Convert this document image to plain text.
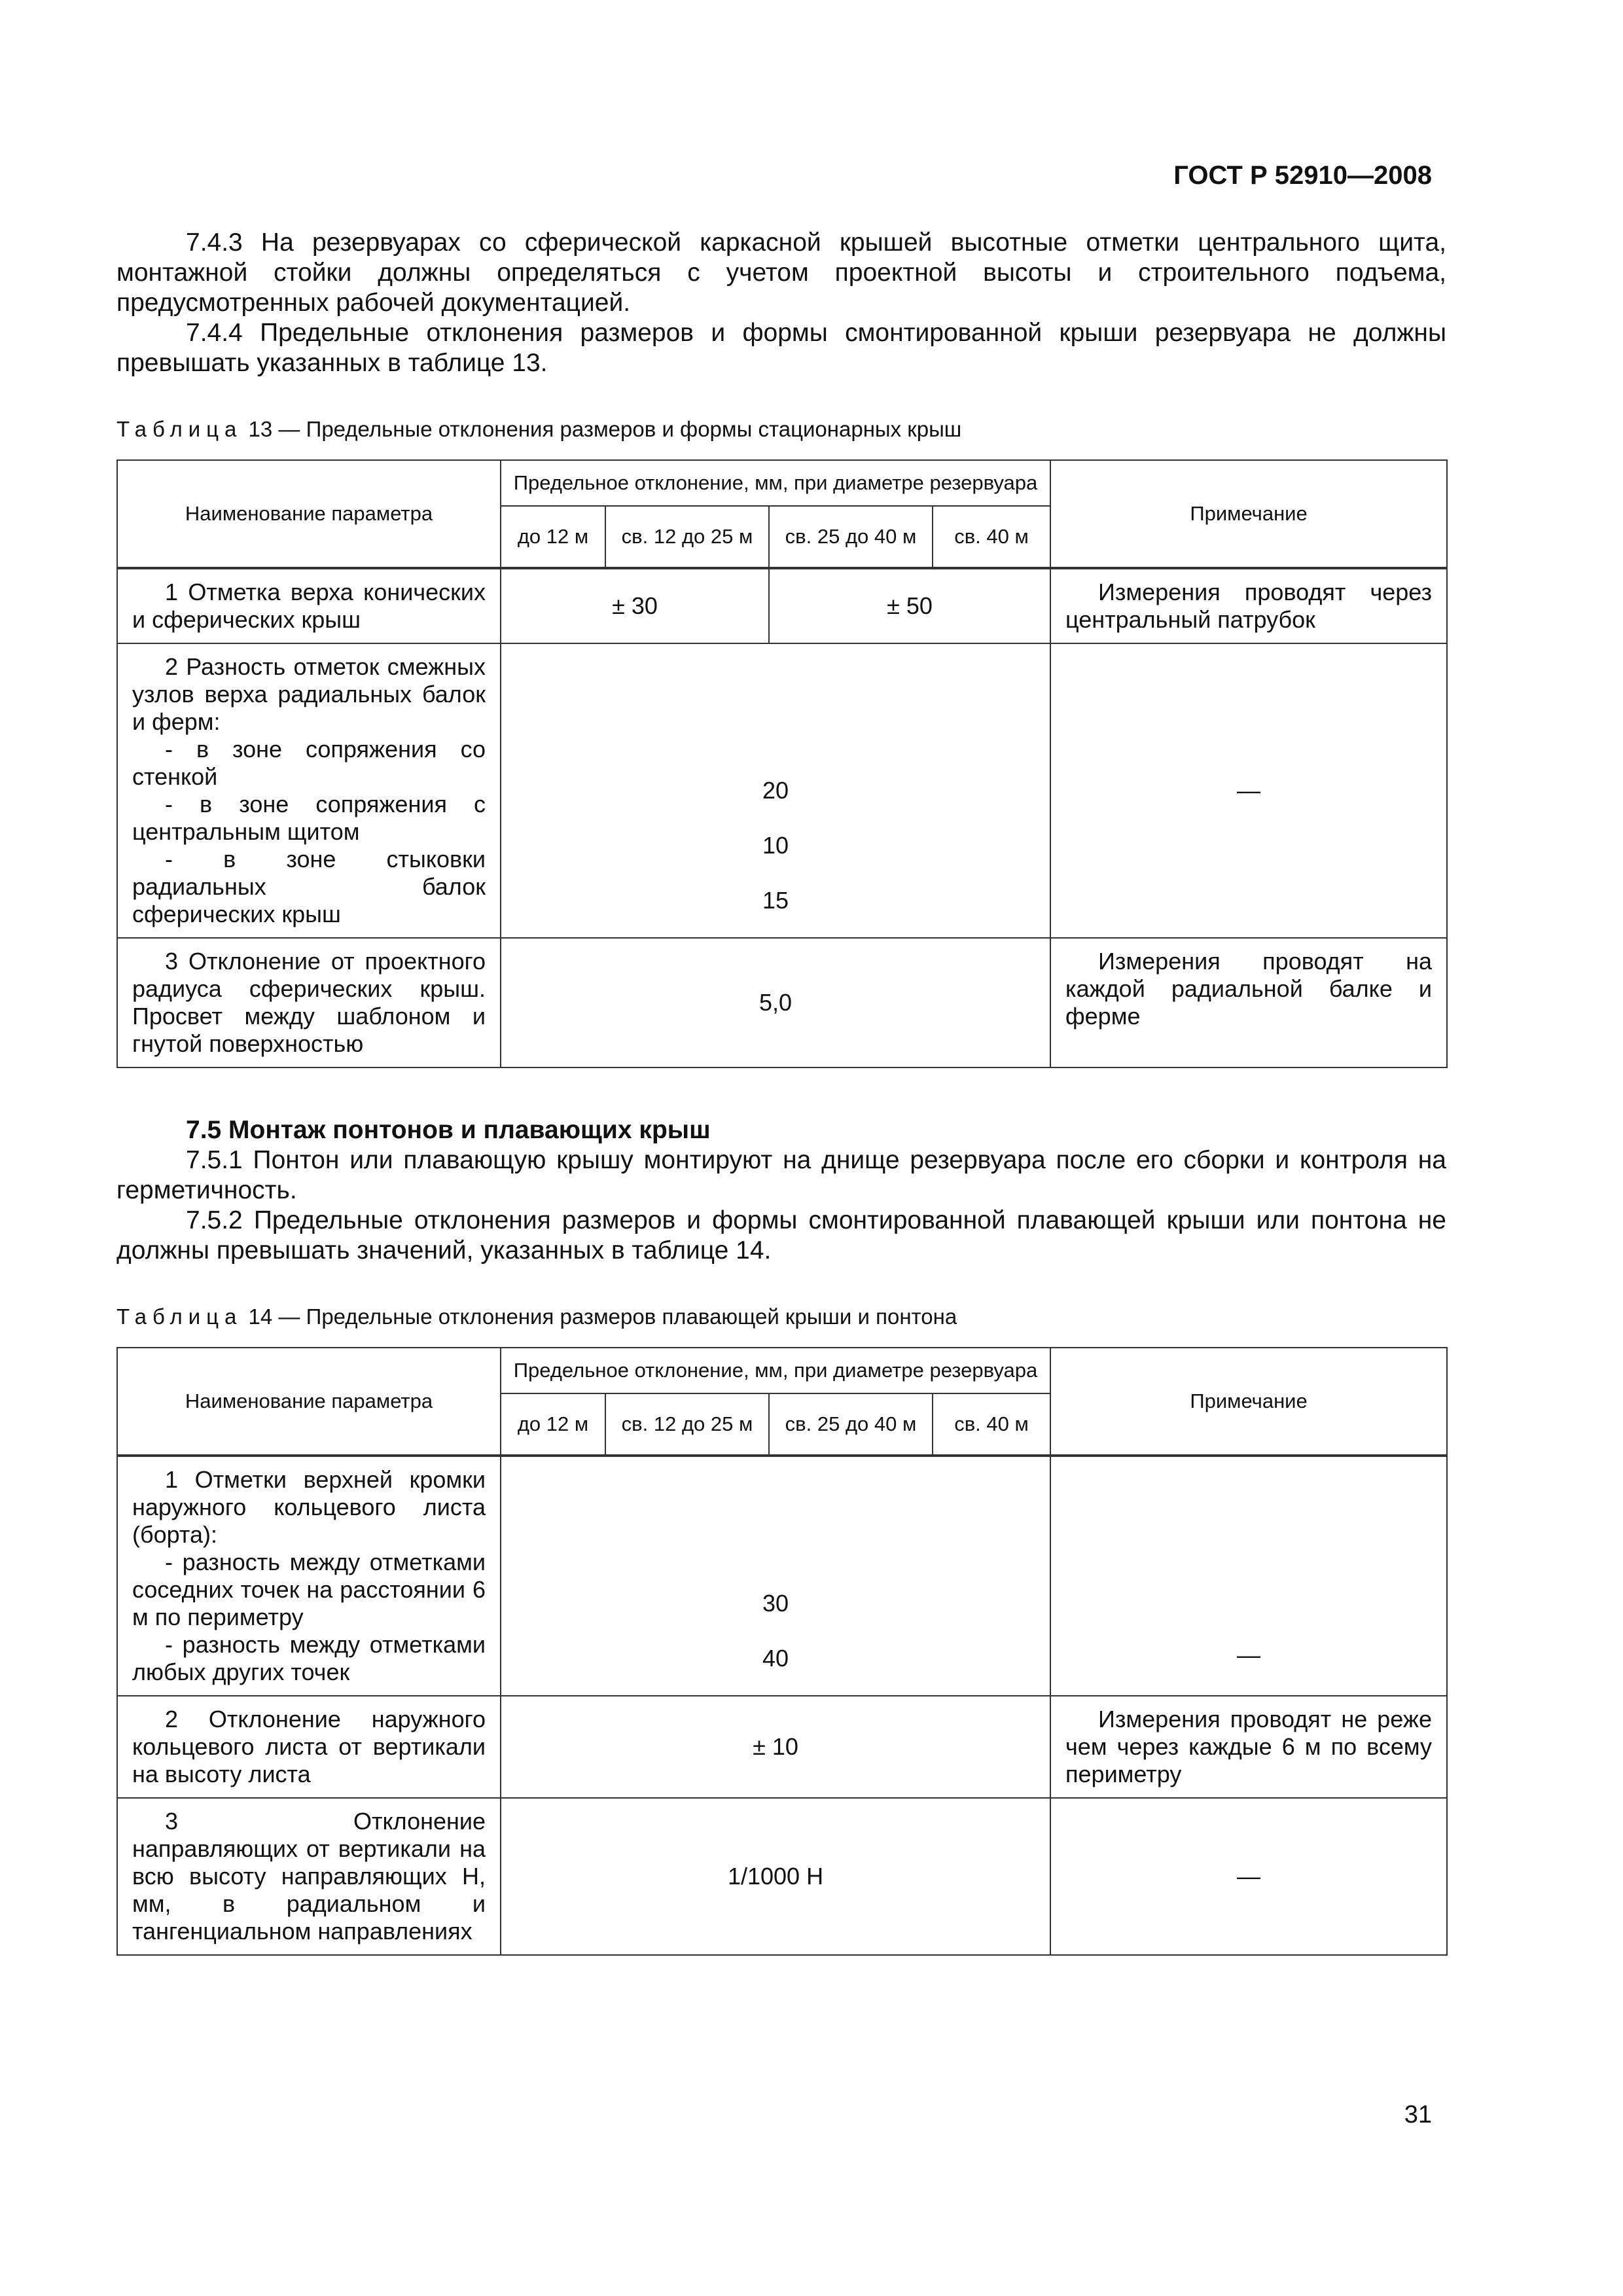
ГОСТ Р 52910—2008

7.4.3 На резервуарах со сферической каркасной крышей высотные отметки центрального щита, монтажной стойки должны определяться с учетом проектной высоты и строительного подъема, предусмотренных рабочей документацией.

7.4.4 Предельные отклонения размеров и формы смонтированной крыши резервуара не должны превышать указанных в таблице 13.

Таблица 13 — Предельные отклонения размеров и формы стационарных крыш
Наименование параметра	Предельное отклонение, мм, при диаметре резервуара				Примечание
	до 12 м	св. 12 до 25 м	св. 25 до 40 м	св. 40 м	

1 Отметка верха конических и сферических крыш	± 30		± 50		Измерения проводят через центральный патрубок

2 Разность отметок смежных узлов верха радиальных балок и ферм:
- в зоне сопряжения со стенкой
- в зоне сопряжения с центральным щитом
- в зоне стыковки радиальных балок сферических крыш	20
10
15				—

3 Отклонение от проектного радиуса сферических крыш. Просвет между шаблоном и гнутой поверхностью	5,0				Измерения проводят на каждой радиальной балке и ферме
7.5 Монтаж понтонов и плавающих крыш

7.5.1 Понтон или плавающую крышу монтируют на днище резервуара после его сборки и контроля на герметичность.

7.5.2 Предельные отклонения размеров и формы смонтированной плавающей крыши или понтона не должны превышать значений, указанных в таблице 14.

Таблица 14 — Предельные отклонения размеров плавающей крыши и понтона
Наименование параметра	Предельное отклонение, мм, при диаметре резервуара				Примечание
	до 12 м	св. 12 до 25 м	св. 25 до 40 м	св. 40 м	

1 Отметки верхней кромки наружного кольцевого листа (борта):
- разность между отметками соседних точек на расстоянии 6 м по периметру
- разность между отметками любых других точек	30
40				—

2 Отклонение наружного кольцевого листа от вертикали на высоту листа	± 10				Измерения проводят не реже чем через каждые 6 м по всему периметру

3 Отклонение направляющих от вертикали на всю высоту направляющих Н, мм, в радиальном и тангенциальном направлениях	1/1000 Н				—
31
